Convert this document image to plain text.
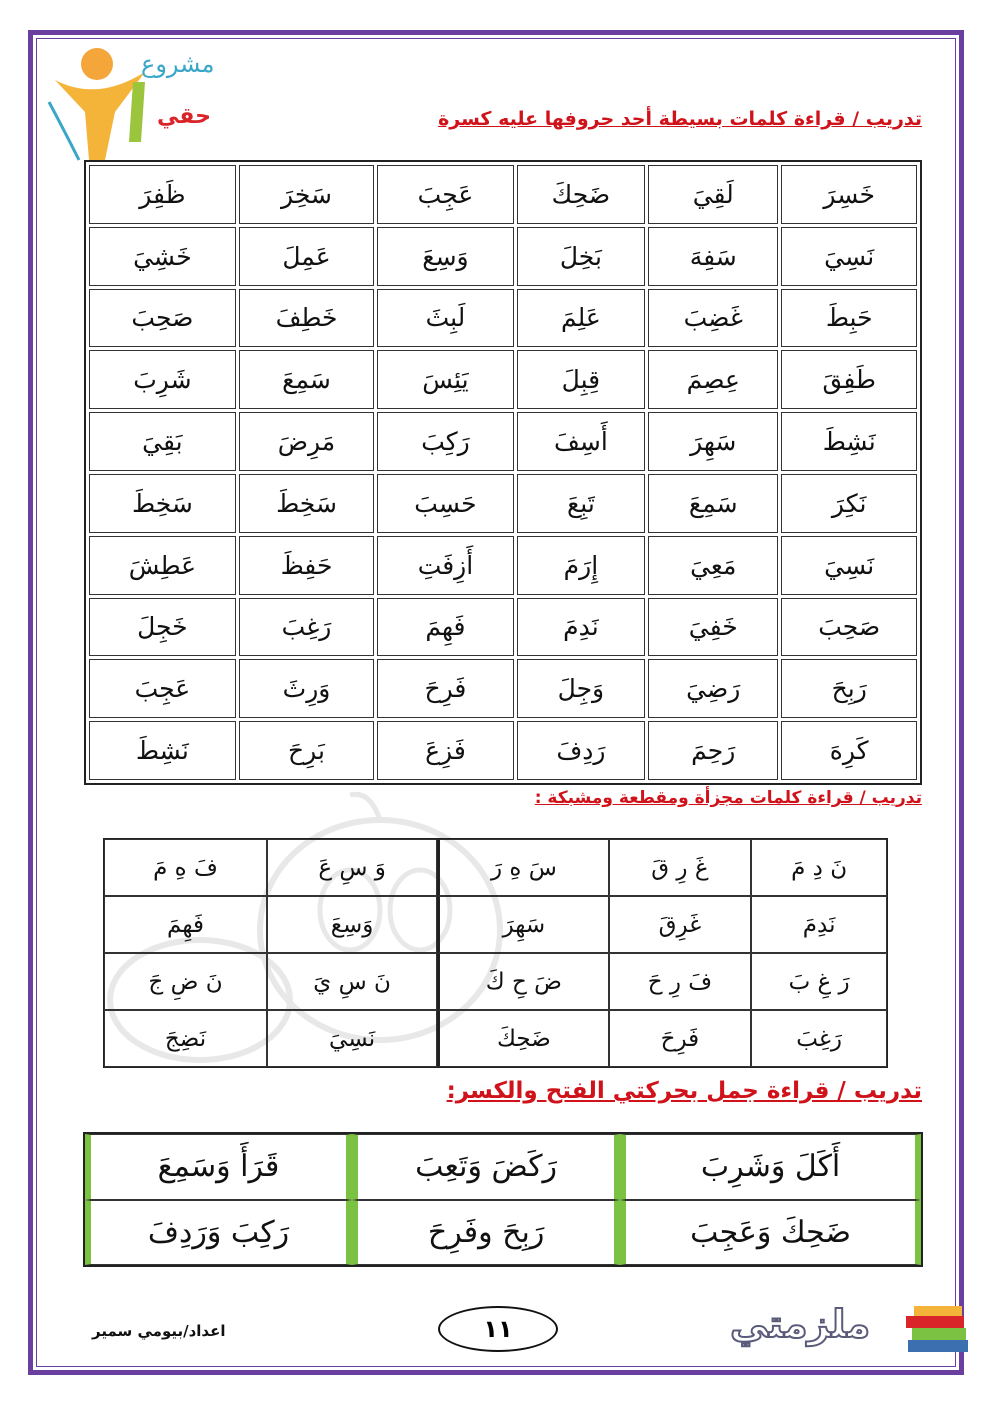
مشروع
حقي	تدريب / قراءة كلمات بسيطة أحد حروفها عليه كسرة
خَسِرَ	لَقِيَ	ضَحِكَ	عَجِبَ	سَخِرَ	ظَفِرَ
نَسِيَ	سَفِهَ	بَخِلَ	وَسِعَ	عَمِلَ	خَشِيَ
حَبِطَ	غَضِبَ	عَلِمَ	لَبِثَ	خَطِفَ	صَحِبَ
طَفِقَ	عِصِمَ	قِبِلَ	يَئِسَ	سَمِعَ	شَرِبَ
نَشِطَ	سَهِرَ	أَسِفَ	رَكِبَ	مَرِضَ	بَقِيَ
نَكِرَ	سَمِعَ	تَبِعَ	حَسِبَ	سَخِطَ	سَخِطَ
نَسِيَ	مَعِيَ	إِرَمَ	أَزِفَتِ	حَفِظَ	عَطِشَ
صَحِبَ	خَفِيَ	نَدِمَ	فَهِمَ	رَغِبَ	خَجِلَ
رَبِحَ	رَضِيَ	وَجِلَ	فَرِحَ	وَرِثَ	عَجِبَ
كَرِهَ	رَحِمَ	رَدِفَ	فَزِعَ	بَرِحَ	نَشِطَ
تدريب / قراءة كلمات مجزأة ومقطعة ومشبكة :
نَ دِ مَ	غَ رِ قَ	سَ هِ رَ	وَ سِ عَ	فَ هِ مَ
نَدِمَ	غَرِقَ	سَهِرَ	وَسِعَ	فَهِمَ
رَ غِ بَ	فَ رِ حَ	ضَ حِ كَ	نَ سِ يَ	نَ ضِ جَ
رَغِبَ	فَرِحَ	ضَحِكَ	نَسِيَ	نَضِجَ
تدريب / قراءة جمل بحركتي الفتح والكسر:
أَكَلَ وَشَرِبَ	رَكَضَ وَتَعِبَ	قَرَأَ وَسَمِعَ
ضَحِكَ وَعَجِبَ	رَبِحَ وفَرِحَ	رَكِبَ وَرَدِفَ
اعداد/بيومي سمير	١١	ملزمتي
